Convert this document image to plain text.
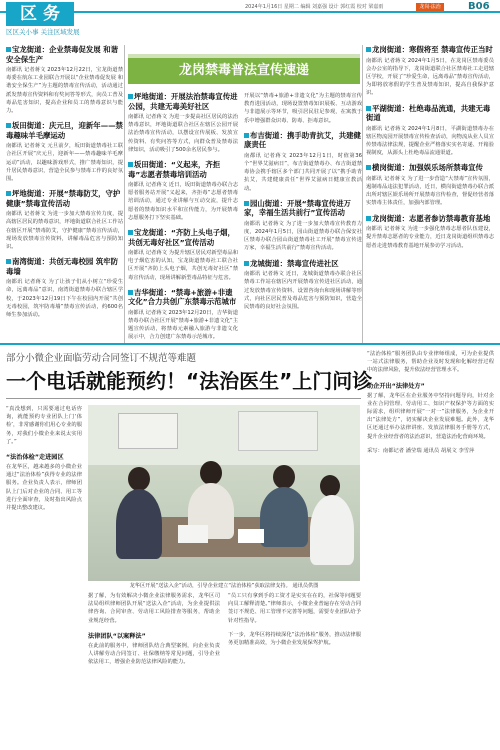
区 务
区区关小事 关注区域发展
2024年1月16日 星期二 编辑 刘嘉强 设计 郭红霞 校对 梁嘉雨	龙岗·法治	B06
宝龙街道：企业禁毒促发展 和谐安全保生产
南都讯 记者蒋文 2023年12月22日，宝龙街道禁毒委在航东工业园联合开展以“企业禁毒促发展 和谐安全保生产”为主题的禁毒宣传活动，活动通过派发禁毒宣传资料和有奖问答等形式，向员工普及毒品危害知识，提高企业和员工的禁毒意识与能力。
坂田街道：庆元旦，迎新年——禁毒趣味羊毛摩运动
南都讯 记者蒋文 元旦前夕，坂田街道禁毒社工联合社区开展“庆元旦，迎新年——禁毒趣味羊毛摩运动”活动，以趣味游戏形式，推广禁毒知识，提升居民禁毒意识，营造全民参与禁毒工作的良好氛围。
坪地街道：开展“禁毒防艾，守护健康”禁毒宣传活动
南都讯 记者蒋文 为进一步加大禁毒宣传力度，提高辖区居民的禁毒意识，坪地街道联合社区工作站在辖区开展“禁毒防艾，守护健康”禁毒宣传活动，现场发放禁毒宣传资料，讲解毒品危害与预防知识。
南湾街道：共创无毒校园 筑牢防毒墙
南都讯 记者蒋文 为了让孩子们从小树立“珍爱生命，远离毒品”意识，南湾街道禁毒办联合辖区学校，于2023年12月19日下午在校园内开展“共创无毒校园，筑牢防毒墙”禁毒宣传活动，约600名师生参加活动。
龙岗禁毒普法宣传速递
坪地街道：开展法治禁毒宣传进公园，共建无毒美好社区
南都讯 记者蒋文 为进一步提高社区居民的法治禁毒意识，坪地街道联合社区在辖区公园开展法治禁毒宣传活动，以摆设宣传展板、发放宣传资料、有奖问答等方式，向群众普及禁毒法律知识，活动吸引了500余名居民参与。
坂田街道：“义起来，齐拒毒”志愿者禁毒培训活动
南都讯 记者蒋文 近日，坂田街道禁毒办联合志愿者服务站开展“义起来，齐拒毒”志愿者禁毒培训活动，通过专业讲解与互动交流，提升志愿者的禁毒知识水平和宣传能力，为开展禁毒志愿服务打下坚实基础。
宝龙街道：“齐防上头电子烟，共创无毒好社区”宣传活动
南都讯 记者蒋文 为提升辖区居民对新型毒品和电子烟危害的认知，宝龙街道禁毒社工联合社区开展“齐防上头电子烟，共创无毒好社区”禁毒宣传活动，现场讲解新型毒品特征与危害。
吉华街道：“禁毒+旅游+非遗文化”合力共创广东禁毒示范城市
南都讯 记者蒋文 2023年12月20日，吉华街道禁毒办联合社区开展“禁毒+旅游+非遗文化”主题宣传活动，将禁毒元素融入旅游与非遗文化展示中，合力创建广东禁毒示范城市。
开展以“禁毒+旅游+非遗文化”为主题的禁毒宣传教育进园活动，现场设置禁毒知识展板、互动游戏与非遗展示等环节，吸引居民驻足参观，在寓教于乐中增强群众识毒、防毒、拒毒意识。
布吉街道：携手助青抗艾，共建健康责任
南都讯 记者蒋文 2023年12月1日，时值第36个“世界艾滋病日”，布吉街道禁毒办、布吉街道禁毒协会携手辖区多个部门共同开展了以“携手助青抗艾，共建健康责任”世界艾滋病日健康宣教活动。
园山街道：开展“禁毒宣传进万家，幸福生活共前行”宣传活动
南都讯 记者蒋文 为了进一步加大禁毒宣传教育力度，2024年1月5日，园山街道禁毒办联合保安社区禁毒办联合园山街道禁毒社工开展“禁毒宣传进万家，幸福生活共前行”禁毒宣传活动。
龙城街道：禁毒宣传进社区
南都讯 记者蒋文 近日，龙城街道禁毒办联合社区禁毒工作站在辖区内开展禁毒宣传进社区活动，通过发放禁毒宣传资料、设置咨询台和现场讲解等形式，向社区居民普及毒品危害与预防知识，营造全民禁毒的良好社会氛围。
龙岗街道：寒假将至 禁毒宣传正当时
南都讯 记者蒋文 2024年1月5日，在龙岗区禁毒委员会办公室的指导下，龙岗街道联合社区禁毒社工走进辖区学校，开展了“珍爱生命，远离毒品”禁毒宣传活动，为即将放寒假的学生普及禁毒知识，提高自我保护意识。
平湖街道：杜绝毒品流通，共建无毒街道
南都讯 记者蒋文 2024年1月8日，平湖街道禁毒办在辖区物流园开展禁毒宣传检查活动，向物流从业人员宣传禁毒法律法规，提醒企业严格落实实名寄递、开箱验视制度，从源头上杜绝毒品流通渠道。
横岗街道：加强娱乐场所禁毒宣传
南都讯 记者蒋文 为了进一步营造“大禁毒”宣传氛围，遏制毒品违法犯罪活动，近日，横岗街道禁毒办联合派出所对辖区娱乐场所开展禁毒宣传检查，督促经营者落实禁毒主体责任，加强内部管理。
龙岗街道：志愿者参访禁毒教育基地
南都讯 记者蒋文 为进一步强化禁毒志愿者队伍建设，提升禁毒志愿者的专业能力，近日龙岗街道组织禁毒志愿者走进禁毒教育基地开展参访学习活动。
部分小微企业面临劳动合同签订不规范等难题
一个电话就能预约！“法治医生”上门问诊
“真没想到，只需要通过电话咨询，就能预约专业团队上门‘体检’，非常感谢你们用心专业的服务，对我们小微企业来说太实用了。”
“法治体检”走进园区
在龙华区，越来越多的小微企业通过“法治体检”获得专业的法律服务。企业负责人表示，律师团队上门后对企业的合同、用工等进行全面审查，及时指出风险点并提出整改建议。
龙华区开展“送法入企”活动，引导企业建立“法治体检”获取法律支持。 通讯员供图
据了解，为有效解决小微企业法律服务需求，龙华区司法局组织律师团队开展“送法入企”活动，为企业提供法律咨询、合同审查、劳动用工风险排查等服务，帮助企业规范经营。
法律团队“以案释法”
在此前的服务中，律师团队结合典型案例，向企业负责人讲解劳动合同签订、社保缴纳等常见问题，引导企业依法用工，增强企业防范法律风险的能力。
“员工只有拿到手的工资才是实实在在的，社保等问题要向员工解释清楚。”律师表示，小微企业普遍存在劳动合同签订不规范、用工管理不完善等问题，需要专业团队给予针对性指导。
下一步，龙华区将持续深化“法治体检”服务，推动法律服务更加精准高效，为小微企业发展保驾护航。
“法治体检”服务团队由专业律师组成，可为企业提供一站式法律服务，帮助企业及时发现和化解经营过程中的法律风险，提升依法经营管理水平。
助企开出“法律处方”
据了解，龙华区在企业服务中坚持问题导向，针对企业在合同管理、劳动用工、知识产权保护等方面的实际需求，组织律师开展“一对一”法律服务，为企业开出“法律处方”，切实解决企业发展难题。此外，龙华区还通过举办法律讲座、发放法律服务手册等方式，提升企业经营者的法治意识，营造法治化营商环境。
采写：南都记者 潘莹瑞 通讯员 胡展文 李雪萍
